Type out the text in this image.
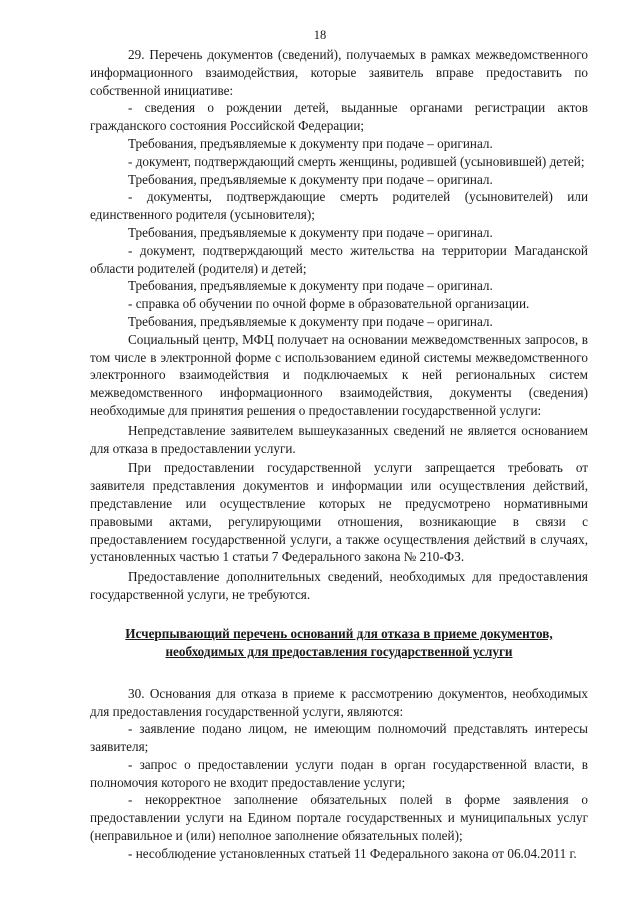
18

29. Перечень документов (сведений), получаемых в рамках межведомственного информационного взаимодействия, которые заявитель вправе предоставить по собственной инициативе:

- сведения о рождении детей, выданные органами регистрации актов гражданского состояния Российской Федерации;

Требования, предъявляемые к документу при подаче – оригинал.

- документ, подтверждающий смерть женщины, родившей (усыновившей) детей;

Требования, предъявляемые к документу при подаче – оригинал.

- документы, подтверждающие смерть родителей (усыновителей) или единственного родителя (усыновителя);

Требования, предъявляемые к документу при подаче – оригинал.

- документ, подтверждающий место жительства на территории Магаданской области родителей (родителя) и детей;

Требования, предъявляемые к документу при подаче – оригинал.

- справка об обучении по очной форме в образовательной организации.

Требования, предъявляемые к документу при подаче – оригинал.

Социальный центр, МФЦ получает на основании межведомственных запросов, в том числе в электронной форме с использованием единой системы межведомственного электронного взаимодействия и подключаемых к ней региональных систем межведомственного информационного взаимодействия, документы (сведения) необходимые для принятия решения о предоставлении государственной услуги:

Непредставление заявителем вышеуказанных сведений не является основанием для отказа в предоставлении услуги.

При предоставлении государственной услуги запрещается требовать от заявителя представления документов и информации или осуществления действий, представление или осуществление которых не предусмотрено нормативными правовыми актами, регулирующими отношения, возникающие в связи с предоставлением государственной услуги, а также осуществления действий в случаях, установленных частью 1 статьи 7 Федерального закона № 210-ФЗ.

Предоставление дополнительных сведений, необходимых для предоставления государственной услуги, не требуются.

Исчерпывающий перечень оснований для отказа в приеме документов,
необходимых для предоставления государственной услуги

30. Основания для отказа в приеме к рассмотрению документов, необходимых для предоставления государственной услуги, являются:

- заявление подано лицом, не имеющим полномочий представлять интересы заявителя;

- запрос о предоставлении услуги подан в орган государственной власти, в полномочия которого не входит предоставление услуги;

- некорректное заполнение обязательных полей в форме заявления о предоставлении услуги на Едином портале государственных и муниципальных услуг (неправильное и (или) неполное заполнение обязательных полей);

- несоблюдение установленных статьей 11 Федерального закона от 06.04.2011 г.
